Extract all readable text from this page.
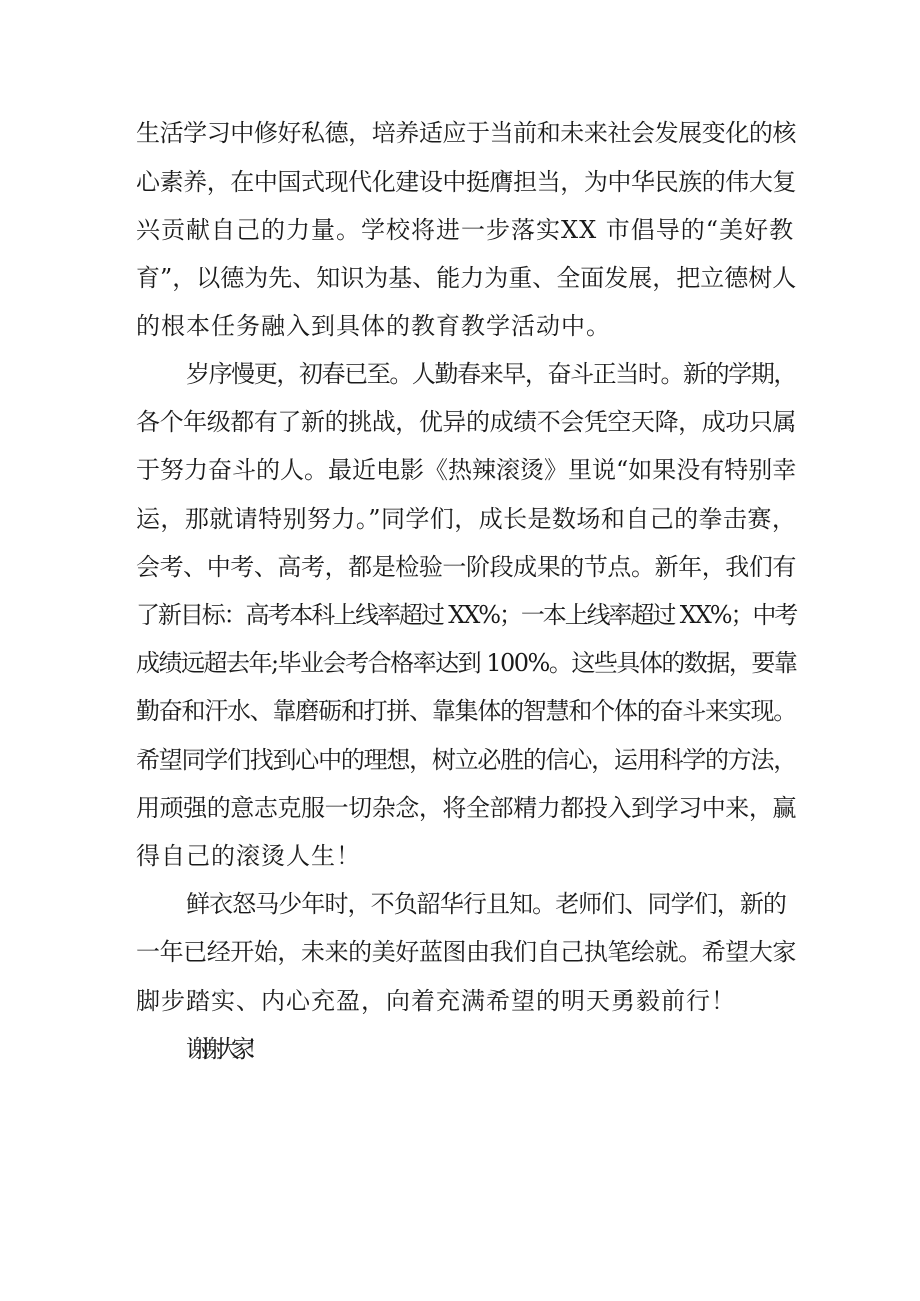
生活学习中修好私德，培养适应于当前和未来社会发展变化的核
心素养，在中国式现代化建设中挺膺担当，为中华民族的伟大复
兴贡献自己的力量。学校将进一步落实XX 市倡导的“美好教
育”，以德为先、知识为基、能力为重、全面发展，把立德树人
的根本任务融入到具体的教育教学活动中。
岁序慢更，初春已至。人勤春来早，奋斗正当时。新的学期，
各个年级都有了新的挑战，优异的成绩不会凭空天降，成功只属
于努力奋斗的人。最近电影《热辣滚烫》里说“如果没有特别幸
运，那就请特别努力。”同学们，成长是数场和自己的拳击赛，
会考、中考、高考，都是检验一阶段成果的节点。新年，我们有
了新目标：高考本科上线率超过 XX%；一本上线率超过 XX%；中考
成绩远超去年;毕业会考合格率达到 100%。这些具体的数据，要靠
勤奋和汗水、靠磨砺和打拼、靠集体的智慧和个体的奋斗来实现。
希望同学们找到心中的理想，树立必胜的信心，运用科学的方法，
用顽强的意志克服一切杂念，将全部精力都投入到学习中来，赢
得自己的滚烫人生！
鲜衣怒马少年时，不负韶华行且知。老师们、同学们，新的
一年已经开始，未来的美好蓝图由我们自己执笔绘就。希望大家
脚步踏实、内心充盈，向着充满希望的明天勇毅前行！
谢谢大家！
